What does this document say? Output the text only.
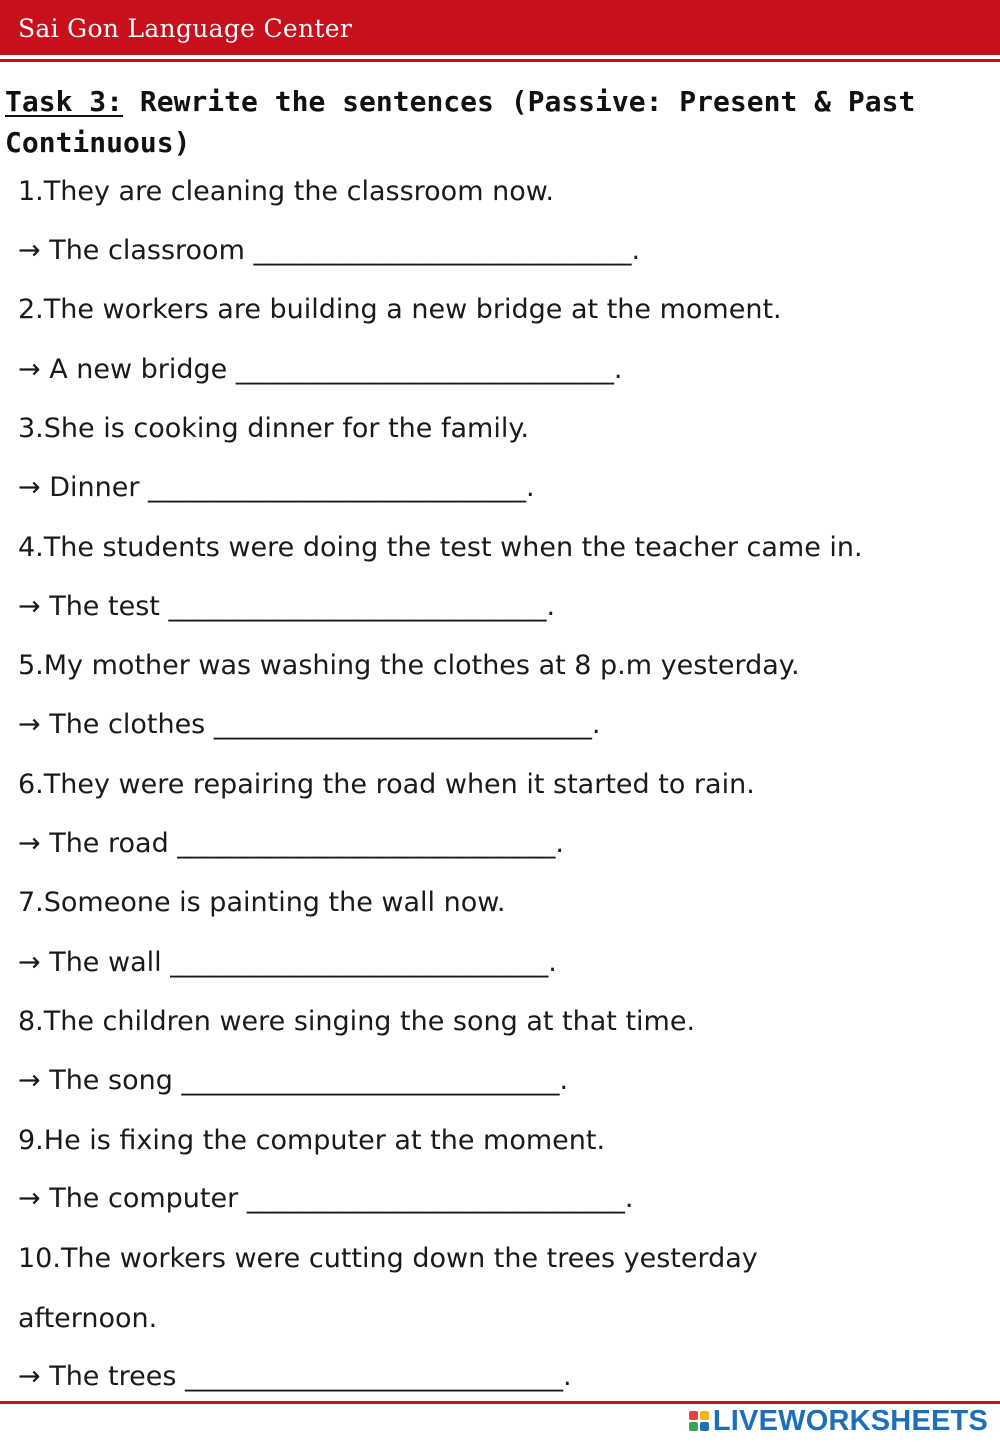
Sai Gon Language Center
Task 3: Rewrite the sentences (Passive: Present & Past Continuous)
1.They are cleaning the classroom now.
→ The classroom ____________________________.
2.The workers are building a new bridge at the moment.
→ A new bridge ____________________________.
3.She is cooking dinner for the family.
→ Dinner ____________________________.
4.The students were doing the test when the teacher came in.
→ The test ____________________________.
5.My mother was washing the clothes at 8 p.m yesterday.
→ The clothes ____________________________.
6.They were repairing the road when it started to rain.
→ The road ____________________________.
7.Someone is painting the wall now.
→ The wall ____________________________.
8.The children were singing the song at that time.
→ The song ____________________________.
9.He is fixing the computer at the moment.
→ The computer ____________________________.
10.The workers were cutting down the trees yesterday
afternoon.
→ The trees ____________________________.
LIVEWORKSHEETS
